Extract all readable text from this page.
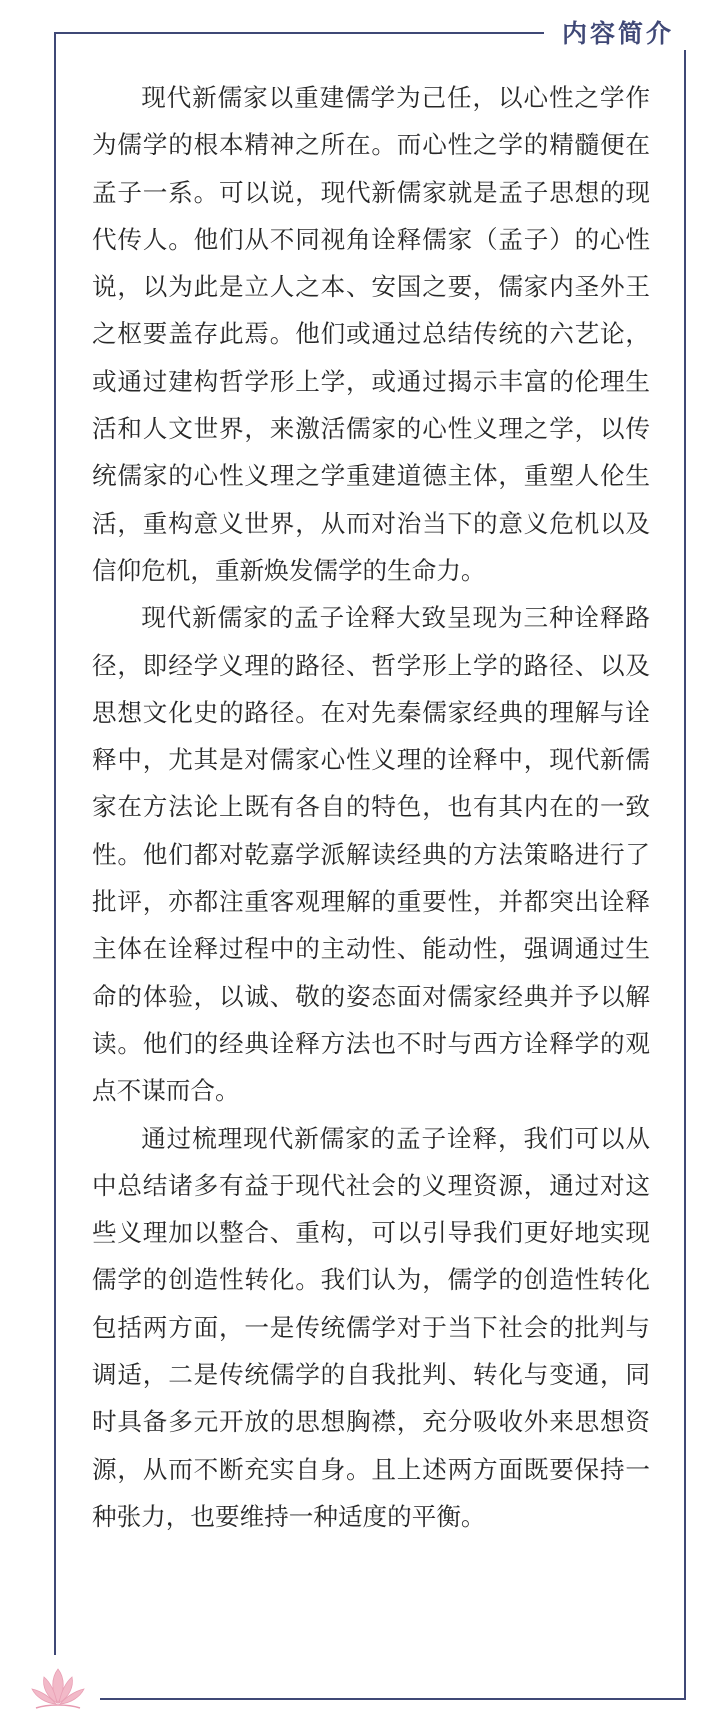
内容简介

现代新儒家以重建儒学为己任，以心性之学作为儒学的根本精神之所在。而心性之学的精髓便在孟子一系。可以说，现代新儒家就是孟子思想的现代传人。他们从不同视角诠释儒家（孟子）的心性说，以为此是立人之本、安国之要，儒家内圣外王之枢要盖存此焉。他们或通过总结传统的六艺论，或通过建构哲学形上学，或通过揭示丰富的伦理生活和人文世界，来激活儒家的心性义理之学，以传统儒家的心性义理之学重建道德主体，重塑人伦生活，重构意义世界，从而对治当下的意义危机以及信仰危机，重新焕发儒学的生命力。

现代新儒家的孟子诠释大致呈现为三种诠释路径，即经学义理的路径、哲学形上学的路径、以及思想文化史的路径。在对先秦儒家经典的理解与诠释中，尤其是对儒家心性义理的诠释中，现代新儒家在方法论上既有各自的特色，也有其内在的一致性。他们都对乾嘉学派解读经典的方法策略进行了批评，亦都注重客观理解的重要性，并都突出诠释主体在诠释过程中的主动性、能动性，强调通过生命的体验，以诚、敬的姿态面对儒家经典并予以解读。他们的经典诠释方法也不时与西方诠释学的观点不谋而合。

通过梳理现代新儒家的孟子诠释，我们可以从中总结诸多有益于现代社会的义理资源，通过对这些义理加以整合、重构，可以引导我们更好地实现儒学的创造性转化。我们认为，儒学的创造性转化包括两方面，一是传统儒学对于当下社会的批判与调适，二是传统儒学的自我批判、转化与变通，同时具备多元开放的思想胸襟，充分吸收外来思想资源，从而不断充实自身。且上述两方面既要保持一种张力，也要维持一种适度的平衡。
